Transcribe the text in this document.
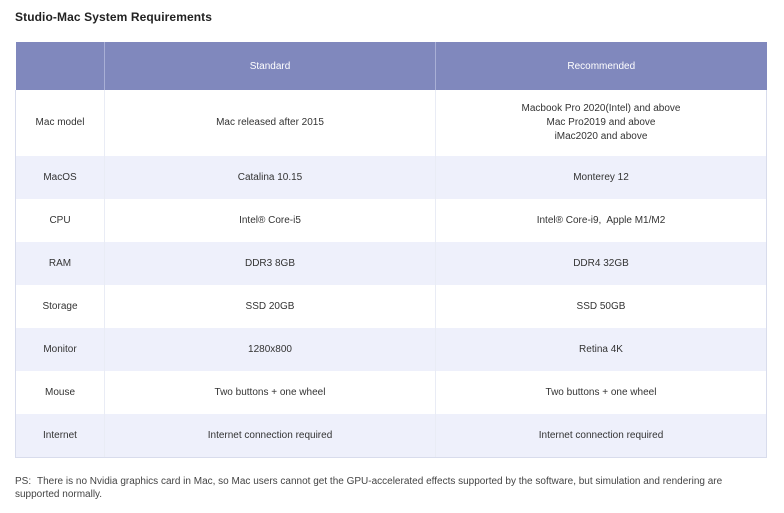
Studio-Mac System Requirements
	Standard	Recommended
Mac model	Mac released after 2015	Macbook Pro 2020(Intel) and above
Mac Pro2019 and above
iMac2020 and above

MacOS	Catalina 10.15	Monterey 12
CPU	Intel® Core-i5	Intel® Core-i9,  Apple M1/M2
RAM	DDR3 8GB	DDR4 32GB
Storage	SSD 20GB	SSD 50GB
Monitor	1280x800	Retina 4K
Mouse	Two buttons + one wheel	Two buttons + one wheel
Internet	Internet connection required	Internet connection required
PS: There is no Nvidia graphics card in Mac, so Mac users cannot get the GPU-accelerated effects supported by the software, but simulation and rendering are supported normally.
